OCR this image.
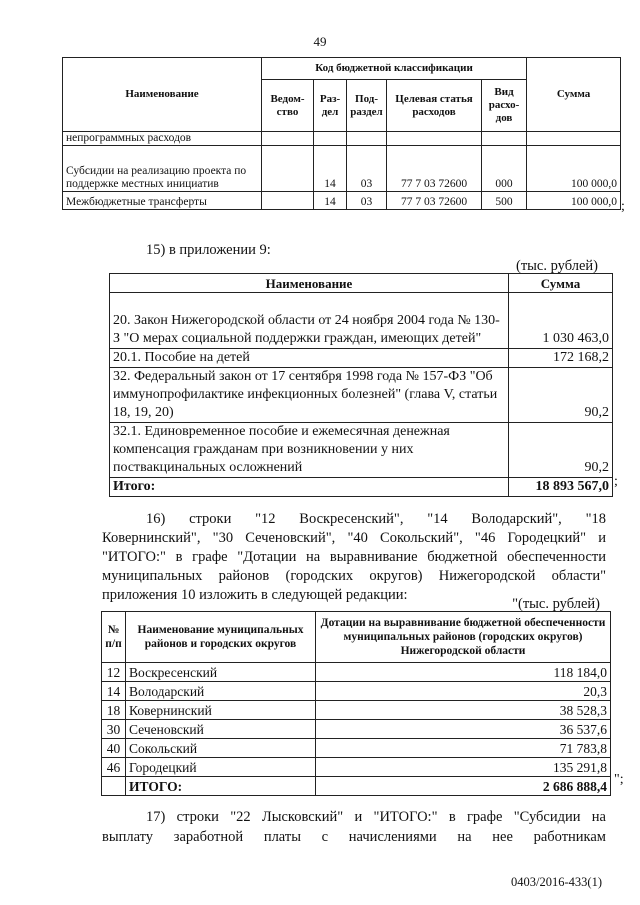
49
Наименование	Код бюджетной классификации					Сумма
	Ведом-ство	Раз-дел	Под-раздел	Целевая статья расходов	Вид расхо-дов	
непрограммных расходов						
Субсидии на реализацию проекта по поддержке местных инициатив		14	03	77 7 03 72600	000	100 000,0
Межбюджетные трансферты		14	03	77 7 03 72600	500	100 000,0 ;
15) в приложении 9:
(тыс. рублей)
Наименование	Сумма
20. Закон Нижегородской области от 24 ноября 2004 года № 130-З "О мерах социальной поддержки граждан, имеющих детей"	1 030 463,0
20.1. Пособие на детей	172 168,2
32. Федеральный закон от 17 сентября 1998 года № 157-ФЗ "Об иммунопрофилактике инфекционных болезней" (глава V, статьи 18, 19, 20)	90,2
32.1. Единовременное пособие и ежемесячная денежная компенсация гражданам при возникновении у них поствакцинальных осложнений	90,2
Итого:	18 893 567,0 ;
16) строки "12 Воскресенский", "14 Володарский", "18
Ковернинский", "30 Сеченовский", "40 Сокольский", "46 Городецкий" и "ИТОГО:" в графе "Дотации на выравнивание бюджетной обеспеченности муниципальных районов (городских округов) Нижегородской области" приложения 10 изложить в следующей редакции:
"(тыс. рублей)
№ п/п	Наименование муниципальных районов и городских округов	Дотации на выравнивание бюджетной обеспеченности муниципальных районов (городских округов) Нижегородской области
12	Воскресенский	118 184,0
14	Володарский	20,3
18	Ковернинский	38 528,3
30	Сеченовский	36 537,6
40	Сокольский	71 783,8
46	Городецкий	135 291,8
	ИТОГО:	2 686 888,4 ";
17) строки "22 Лысковский" и "ИТОГО:" в графе "Субсидии на
выплату заработной платы с начислениями на нее работникам
0403/2016-433(1)
